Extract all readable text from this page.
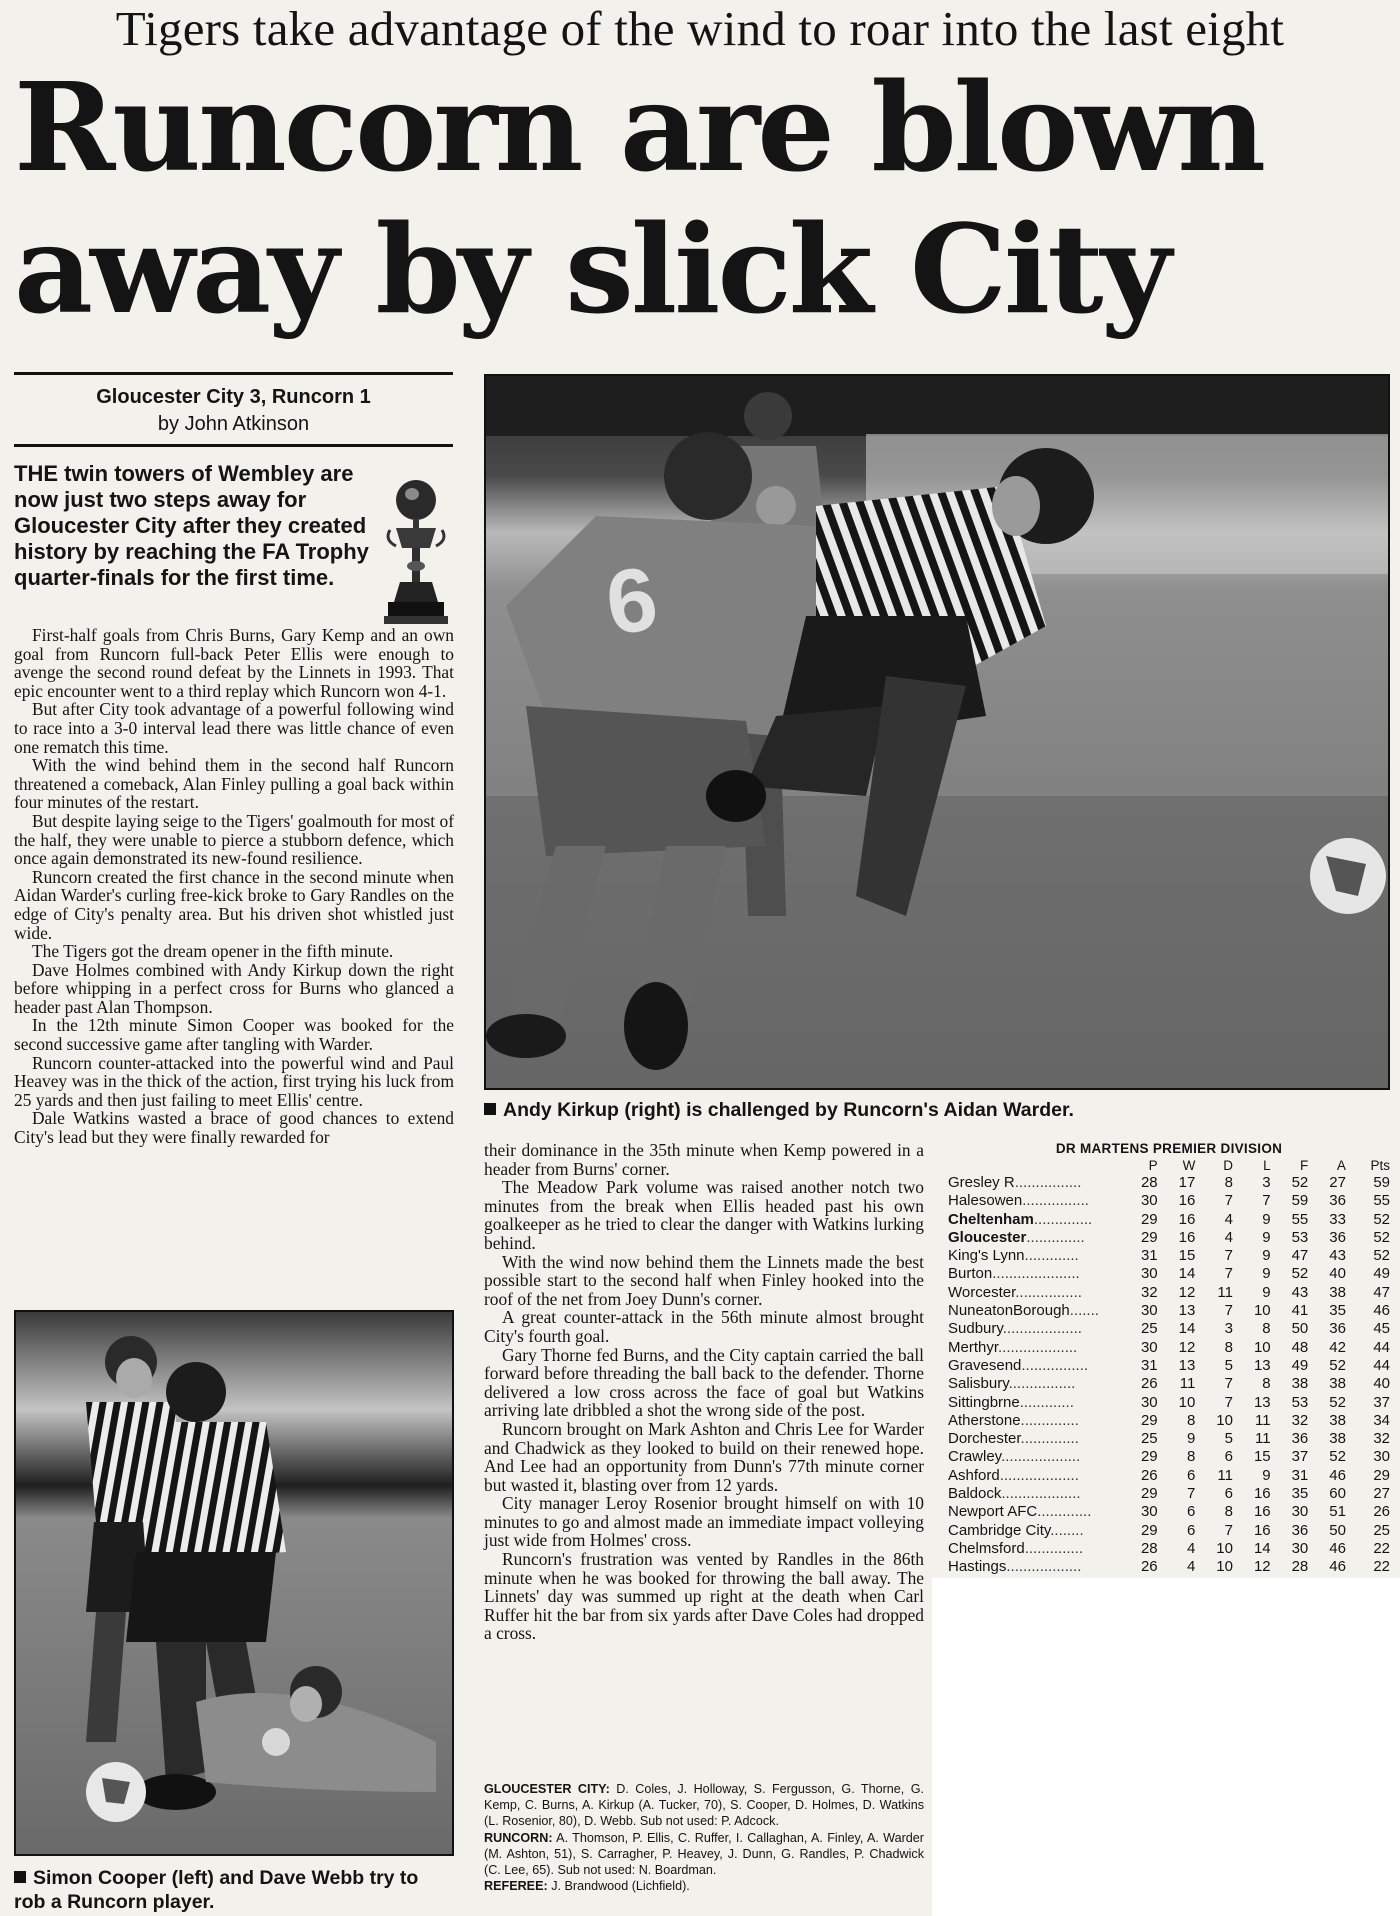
Tigers take advantage of the wind to roar into the last eight
Runcorn are blown
away by slick City
Gloucester City 3, Runcorn 1
by John Atkinson
THE twin towers of Wembley are now just two steps away for Gloucester City after they created history by reaching the FA Trophy quarter-finals for the first time.

First-half goals from Chris Burns, Gary Kemp and an own goal from Runcorn full-back Peter Ellis were enough to avenge the second round defeat by the Linnets in 1993. That epic encounter went to a third replay which Runcorn won 4-1.

But after City took advantage of a powerful following wind to race into a 3-0 interval lead there was little chance of even one rematch this time.

With the wind behind them in the second half Runcorn threatened a comeback, Alan Finley pulling a goal back within four minutes of the restart.

But despite laying seige to the Tigers' goalmouth for most of the half, they were unable to pierce a stubborn defence, which once again demonstrated its new-found resilience.

Runcorn created the first chance in the second minute when Aidan Warder's curling free-kick broke to Gary Randles on the edge of City's penalty area. But his driven shot whistled just wide.

The Tigers got the dream opener in the fifth minute.

Dave Holmes combined with Andy Kirkup down the right before whipping in a perfect cross for Burns who glanced a header past Alan Thompson.

In the 12th minute Simon Cooper was booked for the second successive game after tangling with Warder.

Runcorn counter-attacked into the powerful wind and Paul Heavey was in the thick of the action, first trying his luck from 25 yards and then just failing to meet Ellis' centre.

Dale Watkins wasted a brace of good chances to extend City's lead but they were finally rewarded for

6
Andy Kirkup (right) is challenged by Runcorn's Aidan Warder.
Simon Cooper (left) and Dave Webb try to rob a Runcorn player.

their dominance in the 35th minute when Kemp powered in a header from Burns' corner.

The Meadow Park volume was raised another notch two minutes from the break when Ellis headed past his own goalkeeper as he tried to clear the danger with Watkins lurking behind.

With the wind now behind them the Linnets made the best possible start to the second half when Finley hooked into the roof of the net from Joey Dunn's corner.

A great counter-attack in the 56th minute almost brought City's fourth goal.

Gary Thorne fed Burns, and the City captain carried the ball forward before threading the ball back to the defender. Thorne delivered a low cross across the face of goal but Watkins arriving late dribbled a shot the wrong side of the post.

Runcorn brought on Mark Ashton and Chris Lee for Warder and Chadwick as they looked to build on their renewed hope. And Lee had an opportunity from Dunn's 77th minute corner but wasted it, blasting over from 12 yards.

City manager Leroy Rosenior brought himself on with 10 minutes to go and almost made an immediate impact volleying just wide from Holmes' cross.

Runcorn's frustration was vented by Randles in the 86th minute when he was booked for throwing the ball away. The Linnets' day was summed up right at the death when Carl Ruffer hit the bar from six yards after Dave Coles had dropped a cross.

GLOUCESTER CITY: D. Coles, J. Holloway, S. Fergusson, G. Thorne, G. Kemp, C. Burns, A. Kirkup (A. Tucker, 70), S. Cooper, D. Holmes, D. Watkins (L. Rosenior, 80), D. Webb. Sub not used: P. Adcock.

RUNCORN: A. Thomson, P. Ellis, C. Ruffer, I. Callaghan, A. Finley, A. Warder (M. Ashton, 51), S. Carragher, P. Heavey, J. Dunn, G. Randles, P. Chadwick (C. Lee, 65). Sub not used: N. Boardman.

REFEREE: J. Brandwood (Lichfield).

DR MARTENS PREMIER DIVISION
	P	W	D	L	F	A	Pts
Gresley R................	28	17	8	3	52	27	59
Halesowen................	30	16	7	7	59	36	55
Cheltenham..............	29	16	4	9	55	33	52
Gloucester..............	29	16	4	9	53	36	52
King's Lynn.............	31	15	7	9	47	43	52
Burton.....................	30	14	7	9	52	40	49
Worcester................	32	12	11	9	43	38	47
NuneatonBorough.......	30	13	7	10	41	35	46
Sudbury...................	25	14	3	8	50	36	45
Merthyr...................	30	12	8	10	48	42	44
Gravesend................	31	13	5	13	49	52	44
Salisbury................	26	11	7	8	38	38	40
Sittingbrne.............	30	10	7	13	53	52	37
Atherstone..............	29	8	10	11	32	38	34
Dorchester..............	25	9	5	11	36	38	32
Crawley...................	29	8	6	15	37	52	30
Ashford...................	26	6	11	9	31	46	29
Baldock...................	29	7	6	16	35	60	27
Newport AFC.............	30	6	8	16	30	51	26
Cambridge City........	29	6	7	16	36	50	25
Chelmsford..............	28	4	10	14	30	46	22
Hastings..................	26	4	10	12	28	46	22
